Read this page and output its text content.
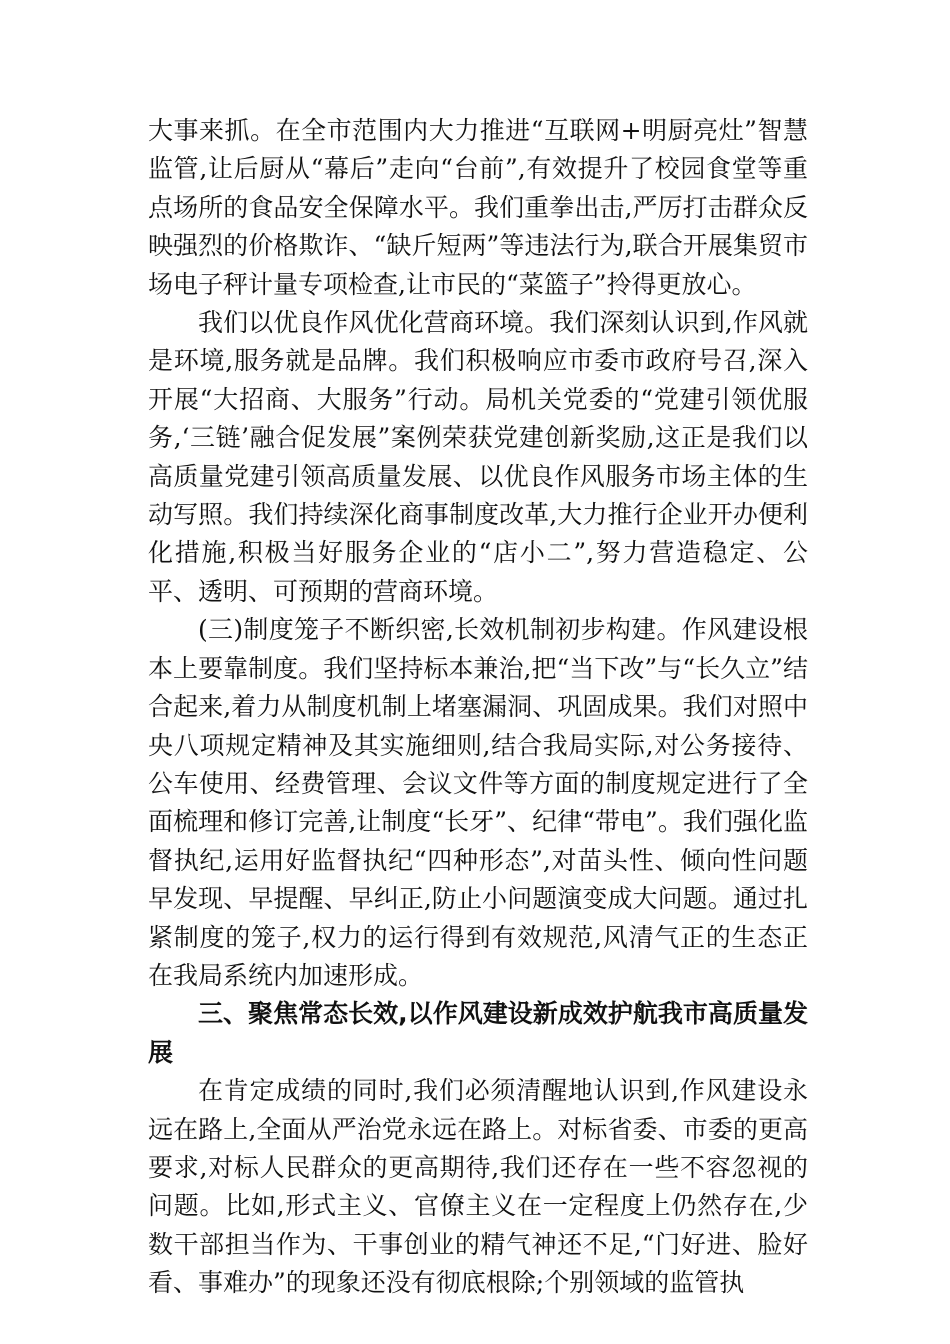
大事来抓。在全市范围内大力推进“互联网+明厨亮灶”智慧监管,让后厨从“幕后”走向“台前”,有效提升了校园食堂等重点场所的食品安全保障水平。我们重拳出击,严厉打击群众反映强烈的价格欺诈、“缺斤短两”等违法行为,联合开展集贸市场电子秤计量专项检查,让市民的“菜篮子”拎得更放心。

我们以优良作风优化营商环境。我们深刻认识到,作风就是环境,服务就是品牌。我们积极响应市委市政府号召,深入开展“大招商、大服务”行动。局机关党委的“党建引领优服务,‘三链’融合促发展”案例荣获党建创新奖励,这正是我们以高质量党建引领高质量发展、以优良作风服务市场主体的生动写照。我们持续深化商事制度改革,大力推行企业开办便利化措施,积极当好服务企业的“店小二”,努力营造稳定、公平、透明、可预期的营商环境。

(三)制度笼子不断织密,长效机制初步构建。作风建设根本上要靠制度。我们坚持标本兼治,把“当下改”与“长久立”结合起来,着力从制度机制上堵塞漏洞、巩固成果。我们对照中央八项规定精神及其实施细则,结合我局实际,对公务接待、公车使用、经费管理、会议文件等方面的制度规定进行了全面梳理和修订完善,让制度“长牙”、纪律“带电”。我们强化监督执纪,运用好监督执纪“四种形态”,对苗头性、倾向性问题早发现、早提醒、早纠正,防止小问题演变成大问题。通过扎紧制度的笼子,权力的运行得到有效规范,风清气正的生态正在我局系统内加速形成。

三、聚焦常态长效,以作风建设新成效护航我市高质量发展

在肯定成绩的同时,我们必须清醒地认识到,作风建设永远在路上,全面从严治党永远在路上。对标省委、市委的更高要求,对标人民群众的更高期待,我们还存在一些不容忽视的问题。比如,形式主义、官僚主义在一定程度上仍然存在,少数干部担当作为、干事创业的精气神还不足,“门好进、脸好看、事难办”的现象还没有彻底根除;个别领域的监管执
